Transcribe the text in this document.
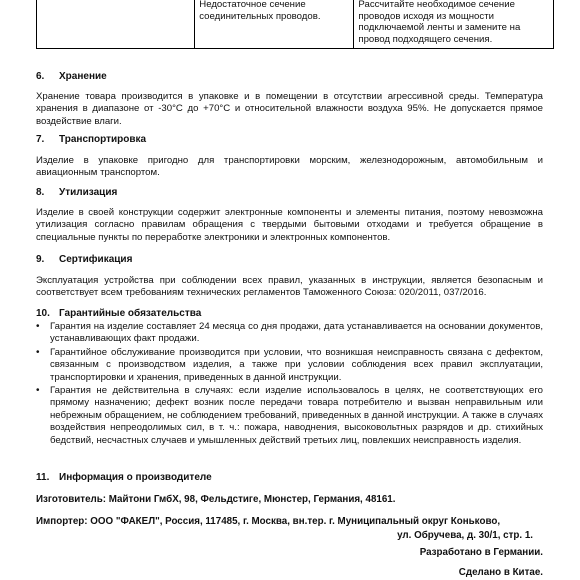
	Недостаточное сечение соединительных проводов.	Рассчитайте необходимое сечение проводов исходя из мощности подключаемой ленты и замените на провод подходящего сечения.
6. Хранение
Хранение товара производится в упаковке и в помещении в отсутствии агрессивной среды. Температура хранения в диапазоне от -30°С до +70°С и относительной влажности воздуха 95%. Не допускается прямое воздействие влаги.
7. Транспортировка
Изделие в упаковке пригодно для транспортировки морским, железнодорожным, автомобильным и авиационным транспортом.
8. Утилизация
Изделие в своей конструкции содержит электронные компоненты и элементы питания, поэтому невозможна утилизация согласно правилам обращения с твердыми бытовыми отходами и требуется обращение в специальные пункты по переработке электроники и электронных компонентов.
9. Сертификация
Эксплуатация устройства при соблюдении всех правил, указанных в инструкции, является безопасным и соответствует всем требованиям технических регламентов Таможенного Союза: 020/2011, 037/2016.
10. Гарантийные обязательства
• Гарантия на изделие составляет 24 месяца со дня продажи, дата устанавливается на основании документов, устанавливающих факт продажи.
• Гарантийное обслуживание производится при условии, что возникшая неисправность связана с дефектом, связанным с производством изделия, а также при условии соблюдения всех правил эксплуатации, транспортировки и хранения, приведенных в данной инструкции.
• Гарантия не действительна в случаях: если изделие использовалось в целях, не соответствующих его прямому назначению; дефект возник после передачи товара потребителю и вызван неправильным или небрежным обращением, не соблюдением требований, приведенных в данной инструкции. А также в случаях воздействия непреодолимых сил, в т. ч.: пожара, наводнения, высоковольтных разрядов и др. стихийных бедствий, несчастных случаев и умышленных действий третьих лиц, повлекших неисправность изделия.
11. Информация о производителе
Изготовитель: Майтони ГмбХ, 98, Фельдстиге, Мюнстер, Германия, 48161.
Импортер: ООО "ФАКЕЛ", Россия, 117485, г. Москва, вн.тер. г. Муниципальный округ Коньково,
ул. Обручева, д. 30/1, стр. 1.
Разработано в Германии.
Сделано в Китае.
